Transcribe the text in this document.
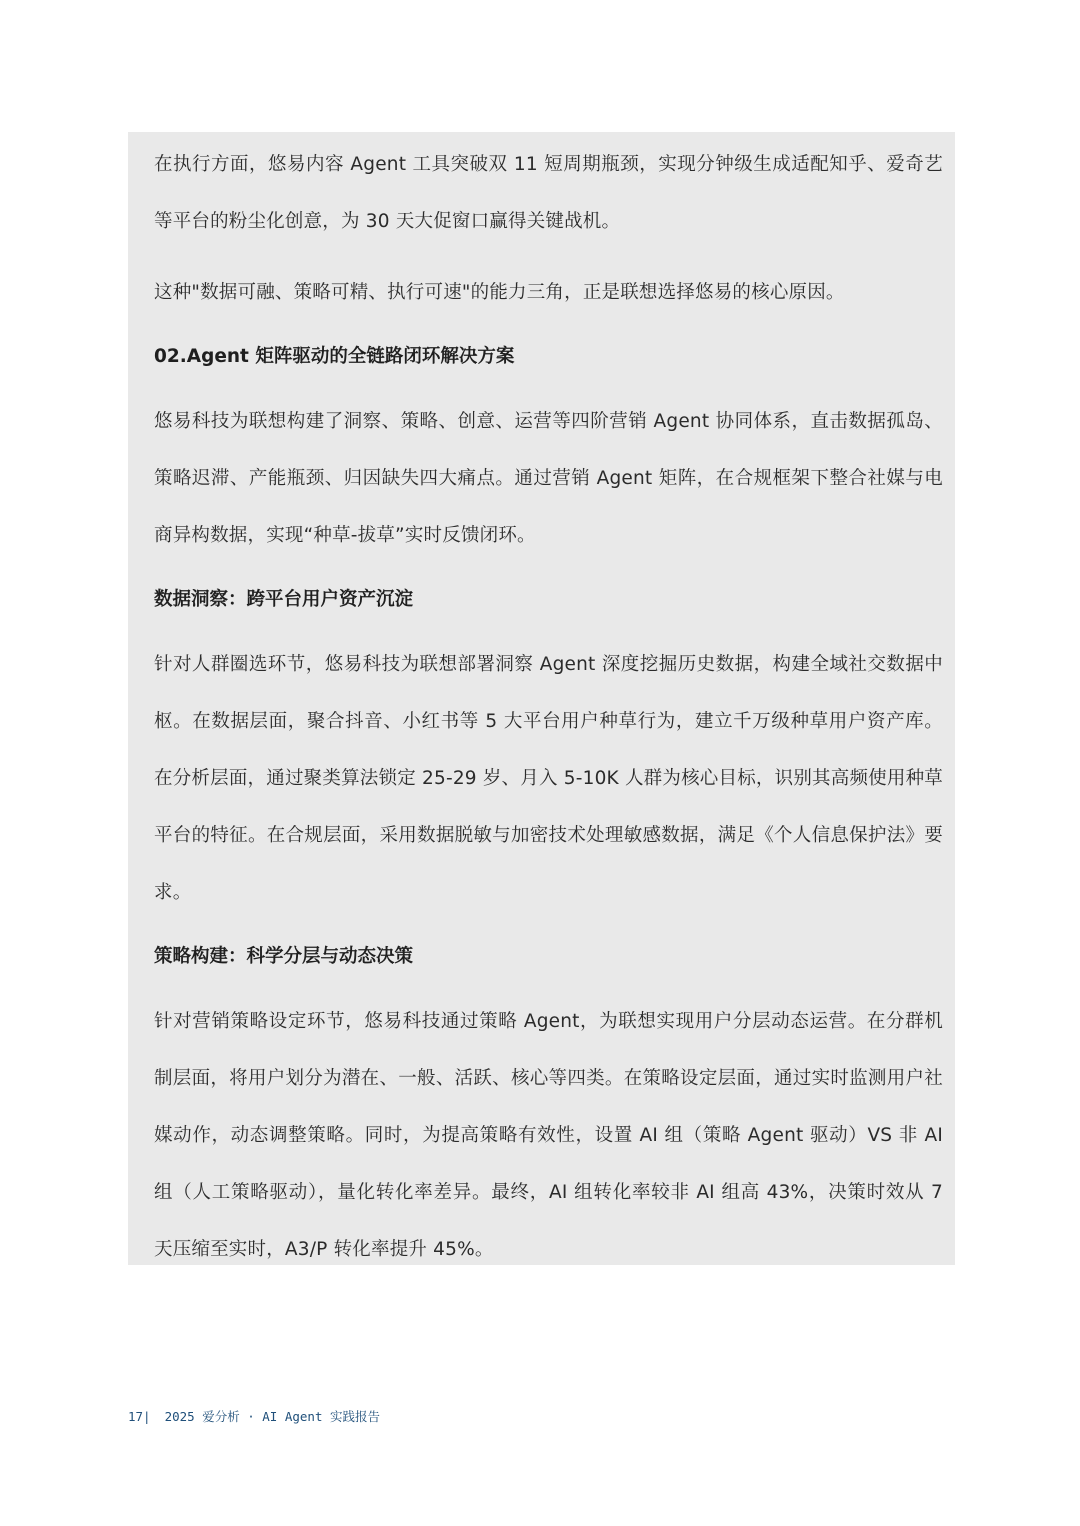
在执行方面，悠易内容 Agent 工具突破双 11 短周期瓶颈，实现分钟级生成适配知乎、爱奇艺等平台的粉尘化创意，为 30 天大促窗口赢得关键战机。

这种"数据可融、策略可精、执行可速"的能力三角，正是联想选择悠易的核心原因。

02.Agent 矩阵驱动的全链路闭环解决方案

悠易科技为联想构建了洞察、策略、创意、运营等四阶营销 Agent 协同体系，直击数据孤岛、策略迟滞、产能瓶颈、归因缺失四大痛点。通过营销 Agent 矩阵，在合规框架下整合社媒与电商异构数据，实现“种草-拔草”实时反馈闭环。

数据洞察：跨平台用户资产沉淀

针对人群圈选环节，悠易科技为联想部署洞察 Agent 深度挖掘历史数据，构建全域社交数据中枢。在数据层面，聚合抖音、小红书等 5 大平台用户种草行为，建立千万级种草用户资产库。在分析层面，通过聚类算法锁定 25-29 岁、月入 5-10K 人群为核心目标，识别其高频使用种草平台的特征。在合规层面，采用数据脱敏与加密技术处理敏感数据，满足《个人信息保护法》要求。

策略构建：科学分层与动态决策

针对营销策略设定环节，悠易科技通过策略 Agent，为联想实现用户分层动态运营。在分群机制层面，将用户划分为潜在、一般、活跃、核心等四类。在策略设定层面，通过实时监测用户社媒动作，动态调整策略。同时，为提高策略有效性，设置 AI 组（策略 Agent 驱动）VS 非 AI 组（人工策略驱动），量化转化率差异。最终，AI 组转化率较非 AI 组高 43%，决策时效从 7 天压缩至实时，A3/P 转化率提升 45%。

17| 2025 爱分析 · AI Agent 实践报告
